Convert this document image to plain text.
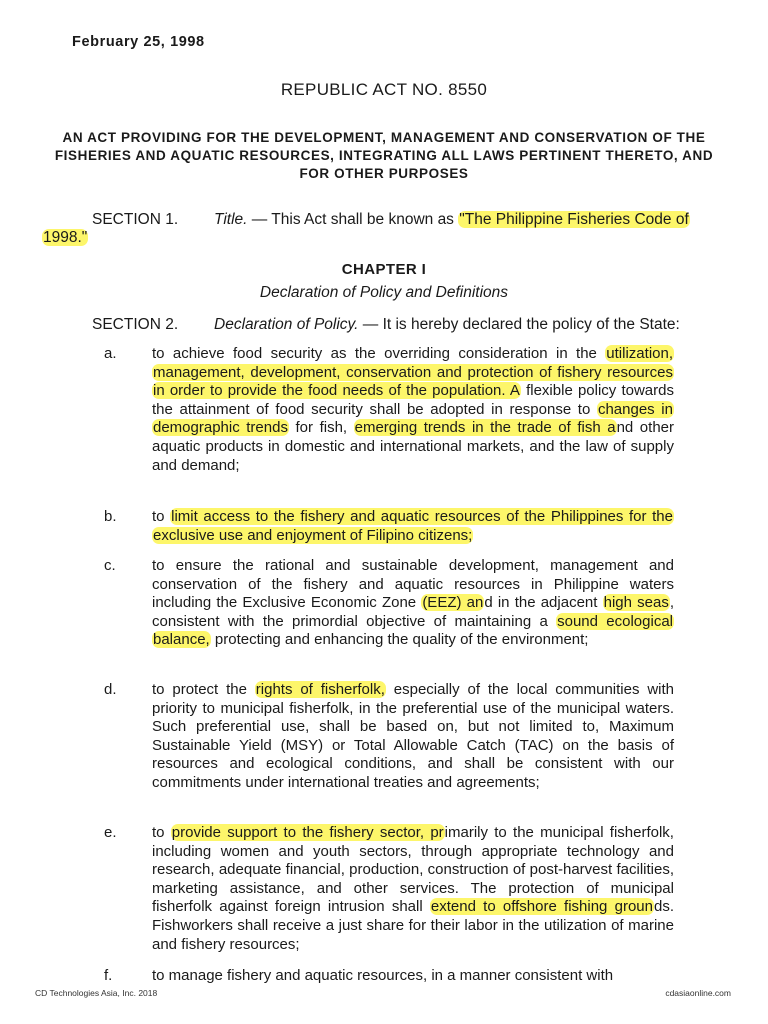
February 25, 1998
REPUBLIC ACT NO. 8550
AN ACT PROVIDING FOR THE DEVELOPMENT, MANAGEMENT AND CONSERVATION OF THE FISHERIES AND AQUATIC RESOURCES, INTEGRATING ALL LAWS PERTINENT THERETO, AND FOR OTHER PURPOSES
SECTION 1. Title. — This Act shall be known as "The Philippine Fisheries Code of 1998."
CHAPTER I
Declaration of Policy and Definitions
SECTION 2. Declaration of Policy. — It is hereby declared the policy of the State:
a. to achieve food security as the overriding consideration in the utilization, management, development, conservation and protection of fishery resources in order to provide the food needs of the population. A flexible policy towards the attainment of food security shall be adopted in response to changes in demographic trends for fish, emerging trends in the trade of fish and other aquatic products in domestic and international markets, and the law of supply and demand;
b. to limit access to the fishery and aquatic resources of the Philippines for the exclusive use and enjoyment of Filipino citizens;
c. to ensure the rational and sustainable development, management and conservation of the fishery and aquatic resources in Philippine waters including the Exclusive Economic Zone (EEZ) and in the adjacent high seas, consistent with the primordial objective of maintaining a sound ecological balance, protecting and enhancing the quality of the environment;
d. to protect the rights of fisherfolk, especially of the local communities with priority to municipal fisherfolk, in the preferential use of the municipal waters. Such preferential use, shall be based on, but not limited to, Maximum Sustainable Yield (MSY) or Total Allowable Catch (TAC) on the basis of resources and ecological conditions, and shall be consistent with our commitments under international treaties and agreements;
e. to provide support to the fishery sector, primarily to the municipal fisherfolk, including women and youth sectors, through appropriate technology and research, adequate financial, production, construction of post-harvest facilities, marketing assistance, and other services. The protection of municipal fisherfolk against foreign intrusion shall extend to offshore fishing grounds. Fishworkers shall receive a just share for their labor in the utilization of marine and fishery resources;
f.	to manage fishery and aquatic resources, in a manner consistent with
CD Technologies Asia, Inc. 2018	cdasiaonline.com
